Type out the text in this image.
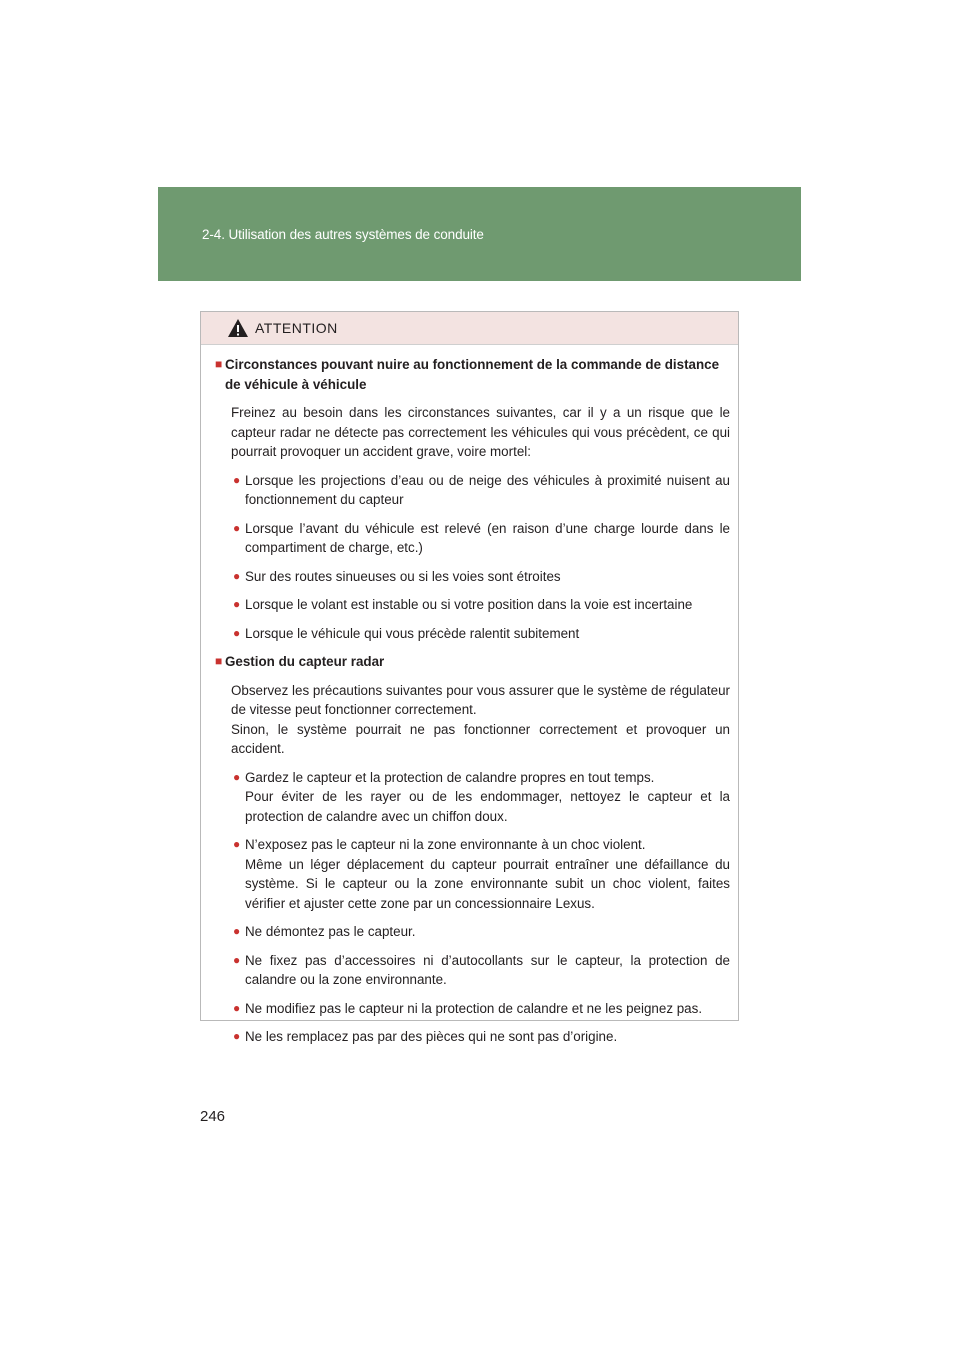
2-4. Utilisation des autres systèmes de conduite
ATTENTION
■ Circonstances pouvant nuire au fonctionnement de la commande de distance de véhicule à véhicule
Freinez au besoin dans les circonstances suivantes, car il y a un risque que le capteur radar ne détecte pas correctement les véhicules qui vous précèdent, ce qui pourrait provoquer un accident grave, voire mortel:
● Lorsque les projections d’eau ou de neige des véhicules à proximité nuisent au fonctionnement du capteur
● Lorsque l’avant du véhicule est relevé (en raison d’une charge lourde dans le compartiment de charge, etc.)
● Sur des routes sinueuses ou si les voies sont étroites
● Lorsque le volant est instable ou si votre position dans la voie est incertaine
● Lorsque le véhicule qui vous précède ralentit subitement
■ Gestion du capteur radar
Observez les précautions suivantes pour vous assurer que le système de régulateur de vitesse peut fonctionner correctement.
Sinon, le système pourrait ne pas fonctionner correctement et provoquer un accident.
● Gardez le capteur et la protection de calandre propres en tout temps.
Pour éviter de les rayer ou de les endommager, nettoyez le capteur et la protection de calandre avec un chiffon doux.
● N’exposez pas le capteur ni la zone environnante à un choc violent.
Même un léger déplacement du capteur pourrait entraîner une défaillance du système. Si le capteur ou la zone environnante subit un choc violent, faites vérifier et ajuster cette zone par un concessionnaire Lexus.
● Ne démontez pas le capteur.
● Ne fixez pas d’accessoires ni d’autocollants sur le capteur, la protection de calandre ou la zone environnante.
● Ne modifiez pas le capteur ni la protection de calandre et ne les peignez pas.
● Ne les remplacez pas par des pièces qui ne sont pas d’origine.
246
